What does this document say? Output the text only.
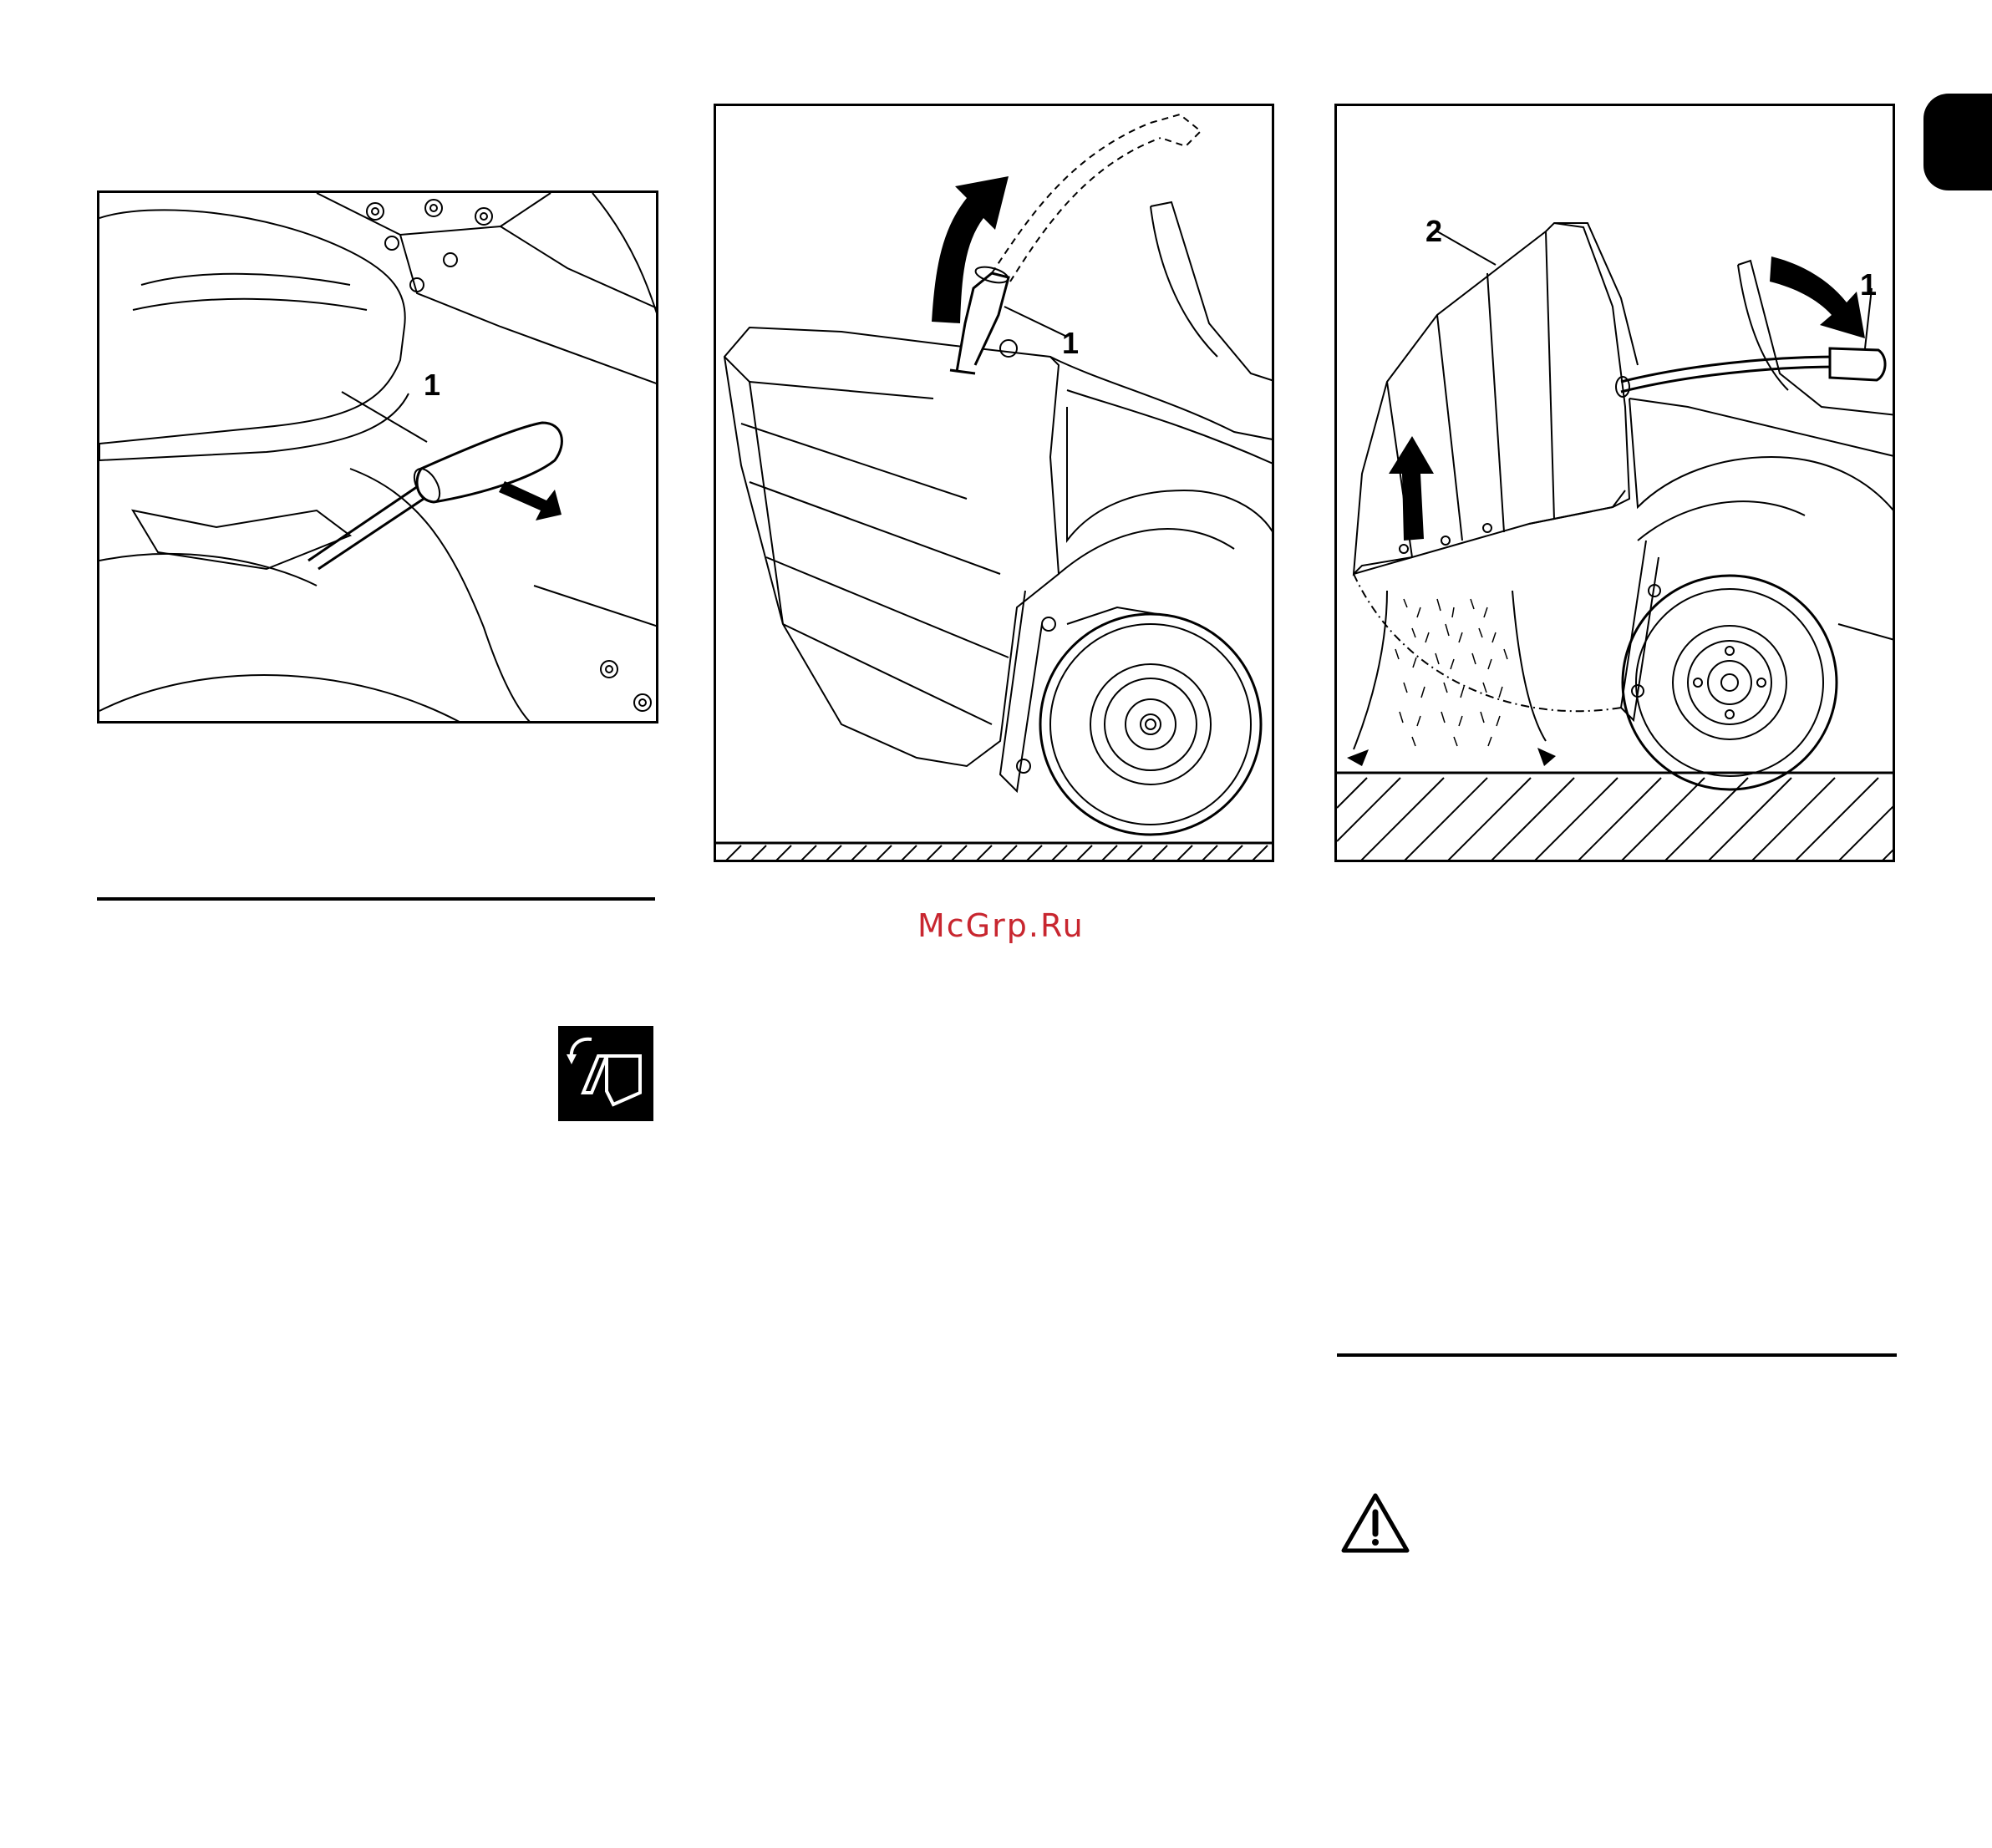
1
1
McGrp.Ru
2
1
